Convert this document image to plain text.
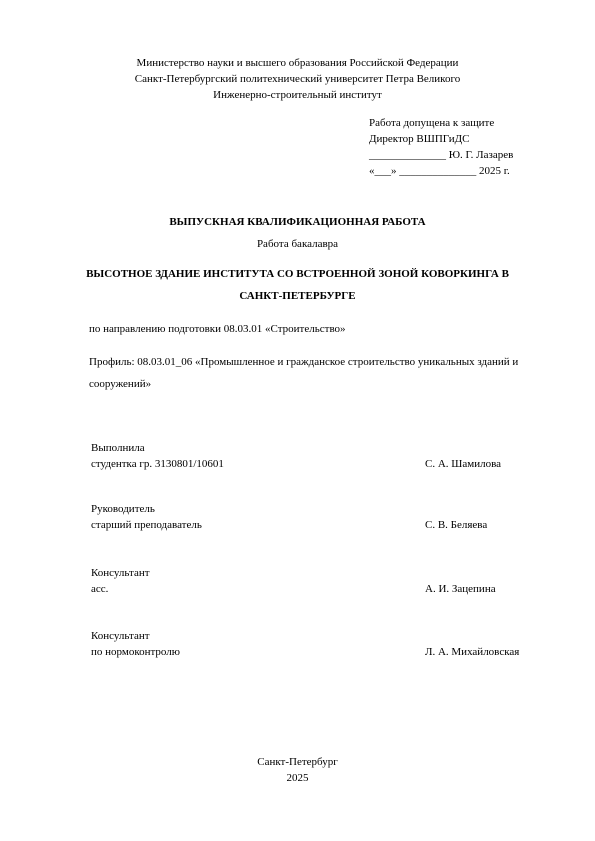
Министерство науки и высшего образования Российской Федерации
Санкт-Петербургский политехнический университет Петра Великого
Инженерно-строительный институт
Работа допущена к защите
Директор ВШПГиДС
______________ Ю. Г. Лазарев
«___» ______________ 2025 г.
ВЫПУСКНАЯ КВАЛИФИКАЦИОННАЯ РАБОТА
Работа бакалавра
ВЫСОТНОЕ ЗДАНИЕ ИНСТИТУТА СО ВСТРОЕННОЙ ЗОНОЙ КОВОРКИНГА В
САНКТ-ПЕТЕРБУРГЕ
по направлению подготовки 08.03.01 «Строительство»
Профиль: 08.03.01_06 «Промышленное и гражданское строительство уникальных зданий и
сооружений»
Выполнила
студентка гр. 3130801/10601	С. А. Шамилова
Руководитель
старший преподаватель	С. В. Беляева
Консультант
асс.	А. И. Зацепина
Консультант
по нормоконтролю	Л. А. Михайловская
Санкт-Петербург
2025
